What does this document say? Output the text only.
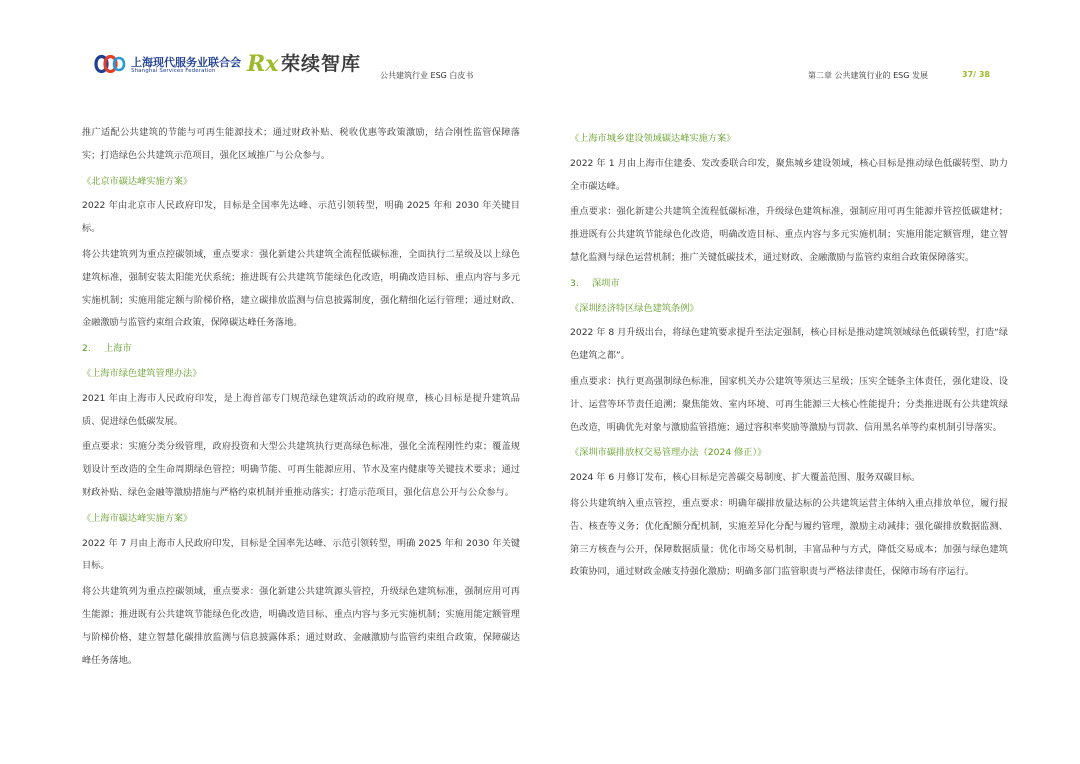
上海现代服务业联合会
Shanghai Services Federation Rx 荣续智库
公共建筑行业 ESG 白皮书	第二章 公共建筑行业的 ESG 发展	37/ 38

推广适配公共建筑的节能与可再生能源技术；通过财政补贴、税收优惠等政策激励，结合刚性监管保障落实；打造绿色公共建筑示范项目，强化区域推广与公众参与。

《北京市碳达峰实施方案》

2022 年由北京市人民政府印发，目标是全国率先达峰、示范引领转型，明确 2025 年和 2030 年关键目标。

将公共建筑列为重点控碳领域，重点要求：强化新建公共建筑全流程低碳标准，全面执行二星级及以上绿色建筑标准，强制安装太阳能光伏系统；推进既有公共建筑节能绿色化改造，明确改造目标、重点内容与多元实施机制；实施用能定额与阶梯价格，建立碳排放监测与信息披露制度，强化精细化运行管理；通过财政、金融激励与监管约束组合政策，保障碳达峰任务落地。

2. 上海市

《上海市绿色建筑管理办法》

2021 年由上海市人民政府印发，是上海首部专门规范绿色建筑活动的政府规章，核心目标是提升建筑品质、促进绿色低碳发展。

重点要求：实施分类分级管理，政府投资和大型公共建筑执行更高绿色标准，强化全流程刚性约束；覆盖规划设计至改造的全生命周期绿色管控；明确节能、可再生能源应用、节水及室内健康等关键技术要求；通过财政补贴、绿色金融等激励措施与严格约束机制并重推动落实；打造示范项目，强化信息公开与公众参与。

《上海市碳达峰实施方案》

2022 年 7 月由上海市人民政府印发，目标是全国率先达峰、示范引领转型，明确 2025 年和 2030 年关键目标。

将公共建筑列为重点控碳领域，重点要求：强化新建公共建筑源头管控，升级绿色建筑标准，强制应用可再生能源；推进既有公共建筑节能绿色化改造，明确改造目标、重点内容与多元实施机制；实施用能定额管理与阶梯价格，建立智慧化碳排放监测与信息披露体系；通过财政、金融激励与监管约束组合政策，保障碳达峰任务落地。

《上海市城乡建设领域碳达峰实施方案》

2022 年 1 月由上海市住建委、发改委联合印发，聚焦城乡建设领域，核心目标是推动绿色低碳转型、助力全市碳达峰。

重点要求：强化新建公共建筑全流程低碳标准，升级绿色建筑标准，强制应用可再生能源并管控低碳建材；推进既有公共建筑节能绿色化改造，明确改造目标、重点内容与多元实施机制；实施用能定额管理，建立智慧化监测与绿色运营机制；推广关键低碳技术，通过财政、金融激励与监管约束组合政策保障落实。

3. 深圳市

《深圳经济特区绿色建筑条例》

2022 年 8 月升级出台，将绿色建筑要求提升至法定强制，核心目标是推动建筑领域绿色低碳转型，打造“绿色建筑之都”。

重点要求：执行更高强制绿色标准，国家机关办公建筑等须达三星级；压实全链条主体责任，强化建设、设计、运营等环节责任追溯；聚焦能效、室内环境、可再生能源三大核心性能提升；分类推进既有公共建筑绿色改造，明确优先对象与激励监管措施；通过容积率奖励等激励与罚款、信用黑名单等约束机制引导落实。

《深圳市碳排放权交易管理办法（2024 修正）》

2024 年 6 月修订发布，核心目标是完善碳交易制度、扩大覆盖范围、服务双碳目标。

将公共建筑纳入重点管控，重点要求：明确年碳排放量达标的公共建筑运营主体纳入重点排放单位，履行报告、核查等义务；优化配额分配机制，实施差异化分配与履约管理，激励主动减排；强化碳排放数据监测、第三方核查与公开，保障数据质量；优化市场交易机制，丰富品种与方式，降低交易成本；加强与绿色建筑政策协同，通过财政金融支持强化激励；明确多部门监管职责与严格法律责任，保障市场有序运行。
